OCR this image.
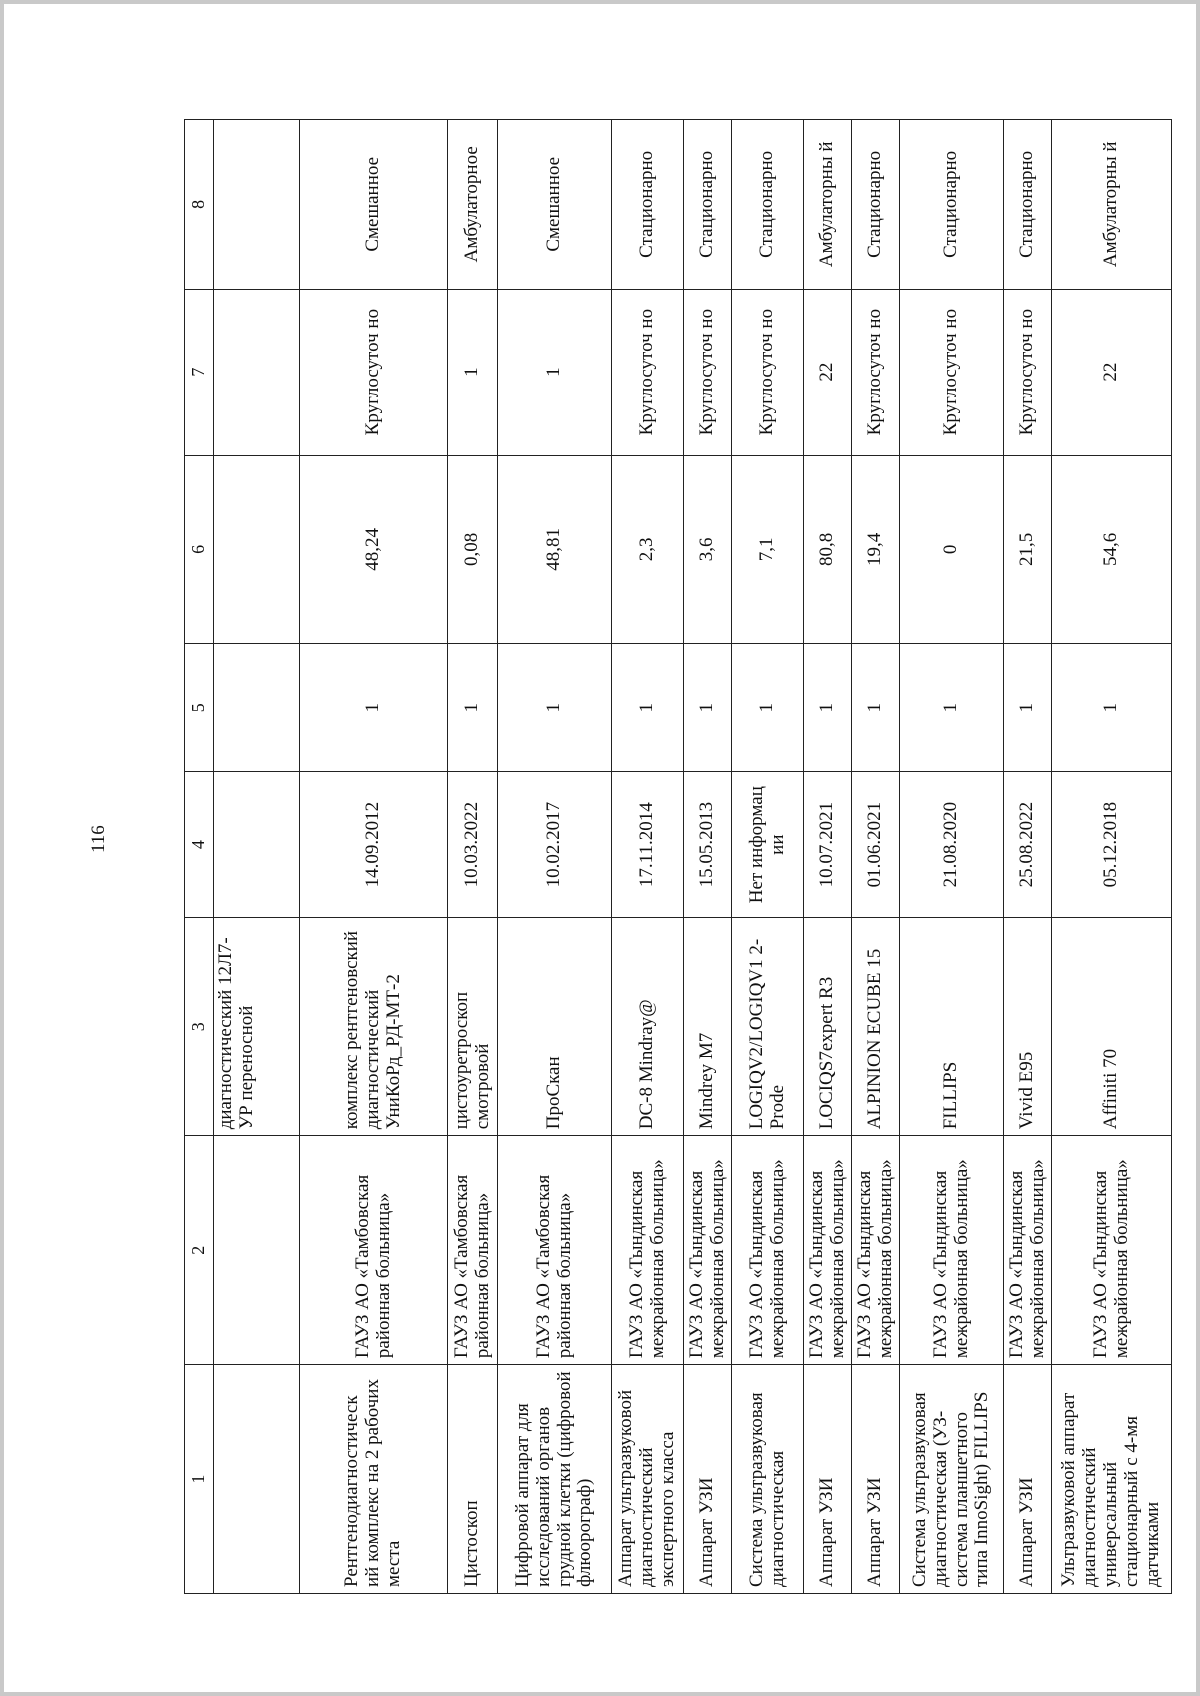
116
1	2	3	4	5	6	7	8
		диагностический 12Л7-УР переносной					
Рентгенодиагностическ ий комплекс на 2 рабочих места	ГАУЗ АО «Тамбовская районная больница»	комплекс рентгеновский диагностический УниКоРд_РД-МТ-2	14.09.2012	1	48,24	Круглосуточ но	Смешанное
Цистоскоп	ГАУЗ АО «Тамбовская районная больница»	цистоуретроскоп смотровой	10.03.2022	1	0,08	1	Амбулаторное
Цифровой аппарат для исследований органов грудной клетки (цифровой флюорограф)	ГАУЗ АО «Тамбовская районная больница»	ПроСкан	10.02.2017	1	48,81	1	Смешанное
Аппарат ультразвуковой диагностический экспертного класса	ГАУЗ АО «Тындинская межрайонная больница»	DC-8 Mindray@	17.11.2014	1	2,3	Круглосуточ но	Стационарно
Аппарат УЗИ	ГАУЗ АО «Тындинская межрайонная больница»	Mindrey M7	15.05.2013	1	3,6	Круглосуточ но	Стационарно
Система ультразвуковая диагностическая	ГАУЗ АО «Тындинская межрайонная больница»	LOGIQV2/LOGIQV1 2-Prode	Нет информац ии	1	7,1	Круглосуточ но	Стационарно
Аппарат УЗИ	ГАУЗ АО «Тындинская межрайонная больница»	LOCIQS7expert R3	10.07.2021	1	80,8	22	Амбулаторны й
Аппарат УЗИ	ГАУЗ АО «Тындинская межрайонная больница»	ALPINION ECUBE 15	01.06.2021	1	19,4	Круглосуточ но	Стационарно
Система ультразвуковая диагностическая (УЗ-система планшетного типа InnoSight) FILLIPS	ГАУЗ АО «Тындинская межрайонная больница»	FILLIPS	21.08.2020	1	0	Круглосуточ но	Стационарно
Аппарат УЗИ	ГАУЗ АО «Тындинская межрайонная больница»	Vivid E95	25.08.2022	1	21,5	Круглосуточ но	Стационарно
Ультразвуковой аппарат диагностический универсальный стационарный с 4-мя датчиками	ГАУЗ АО «Тындинская межрайонная больница»	Affiniti 70	05.12.2018	1	54,6	22	Амбулаторны й
